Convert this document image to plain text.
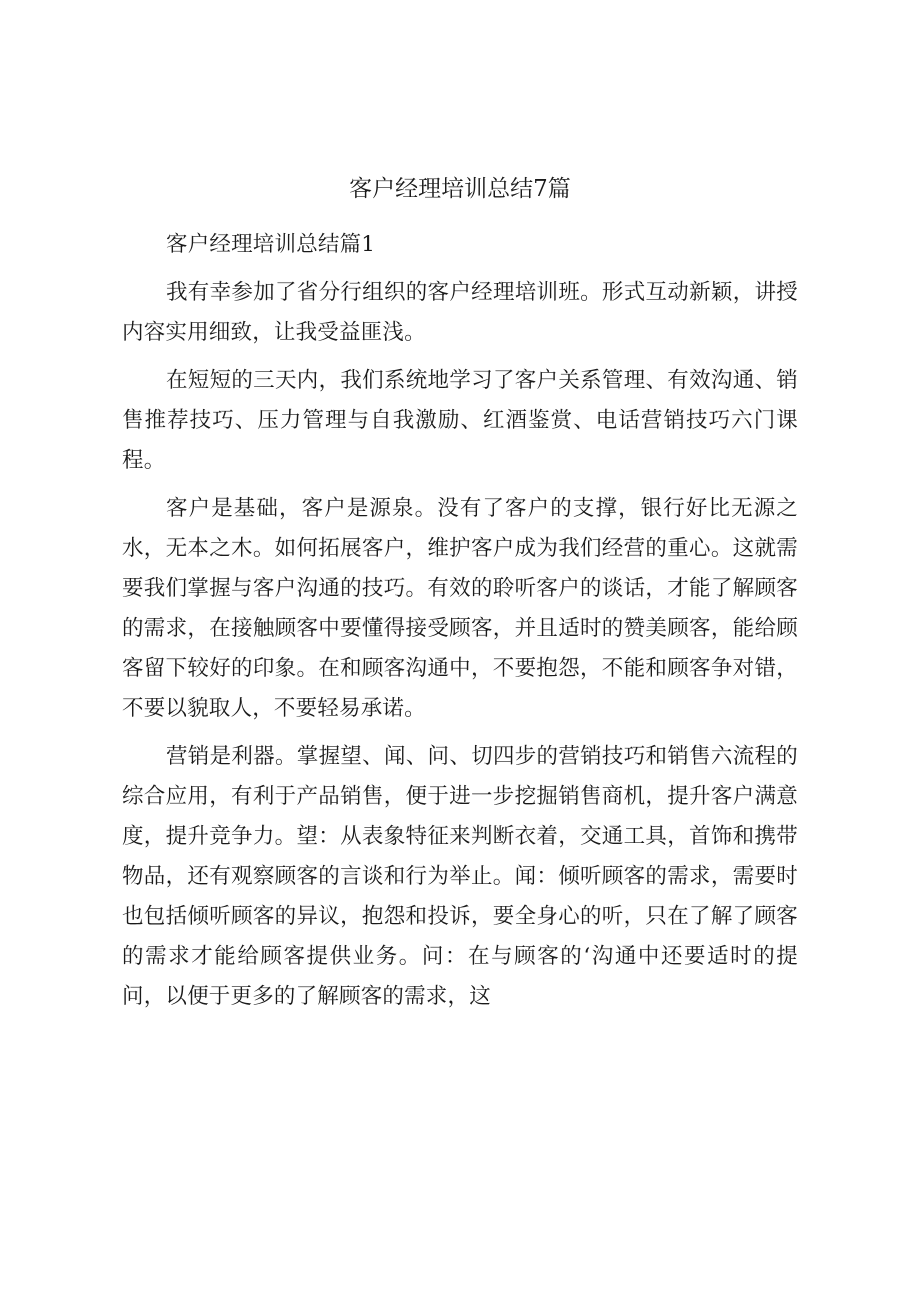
客户经理培训总结7篇

客户经理培训总结篇1

我有幸参加了省分行组织的客户经理培训班。形式互动新颖，讲授内容实用细致，让我受益匪浅。

在短短的三天内，我们系统地学习了客户关系管理、有效沟通、销售推荐技巧、压力管理与自我激励、红酒鉴赏、电话营销技巧六门课程。

客户是基础，客户是源泉。没有了客户的支撑，银行好比无源之水，无本之木。如何拓展客户，维护客户成为我们经营的重心。这就需要我们掌握与客户沟通的技巧。有效的聆听客户的谈话，才能了解顾客的需求，在接触顾客中要懂得接受顾客，并且适时的赞美顾客，能给顾客留下较好的印象。在和顾客沟通中，不要抱怨，不能和顾客争对错，不要以貌取人，不要轻易承诺。

营销是利器。掌握望、闻、问、切四步的营销技巧和销售六流程的综合应用，有利于产品销售，便于进一步挖掘销售商机，提升客户满意度，提升竞争力。望：从表象特征来判断衣着，交通工具，首饰和携带物品，还有观察顾客的言谈和行为举止。闻：倾听顾客的需求，需要时也包括倾听顾客的异议，抱怨和投诉，要全身心的听，只在了解了顾客的需求才能给顾客提供业务。问：在与顾客的‘沟通中还要适时的提问，以便于更多的了解顾客的需求，这
